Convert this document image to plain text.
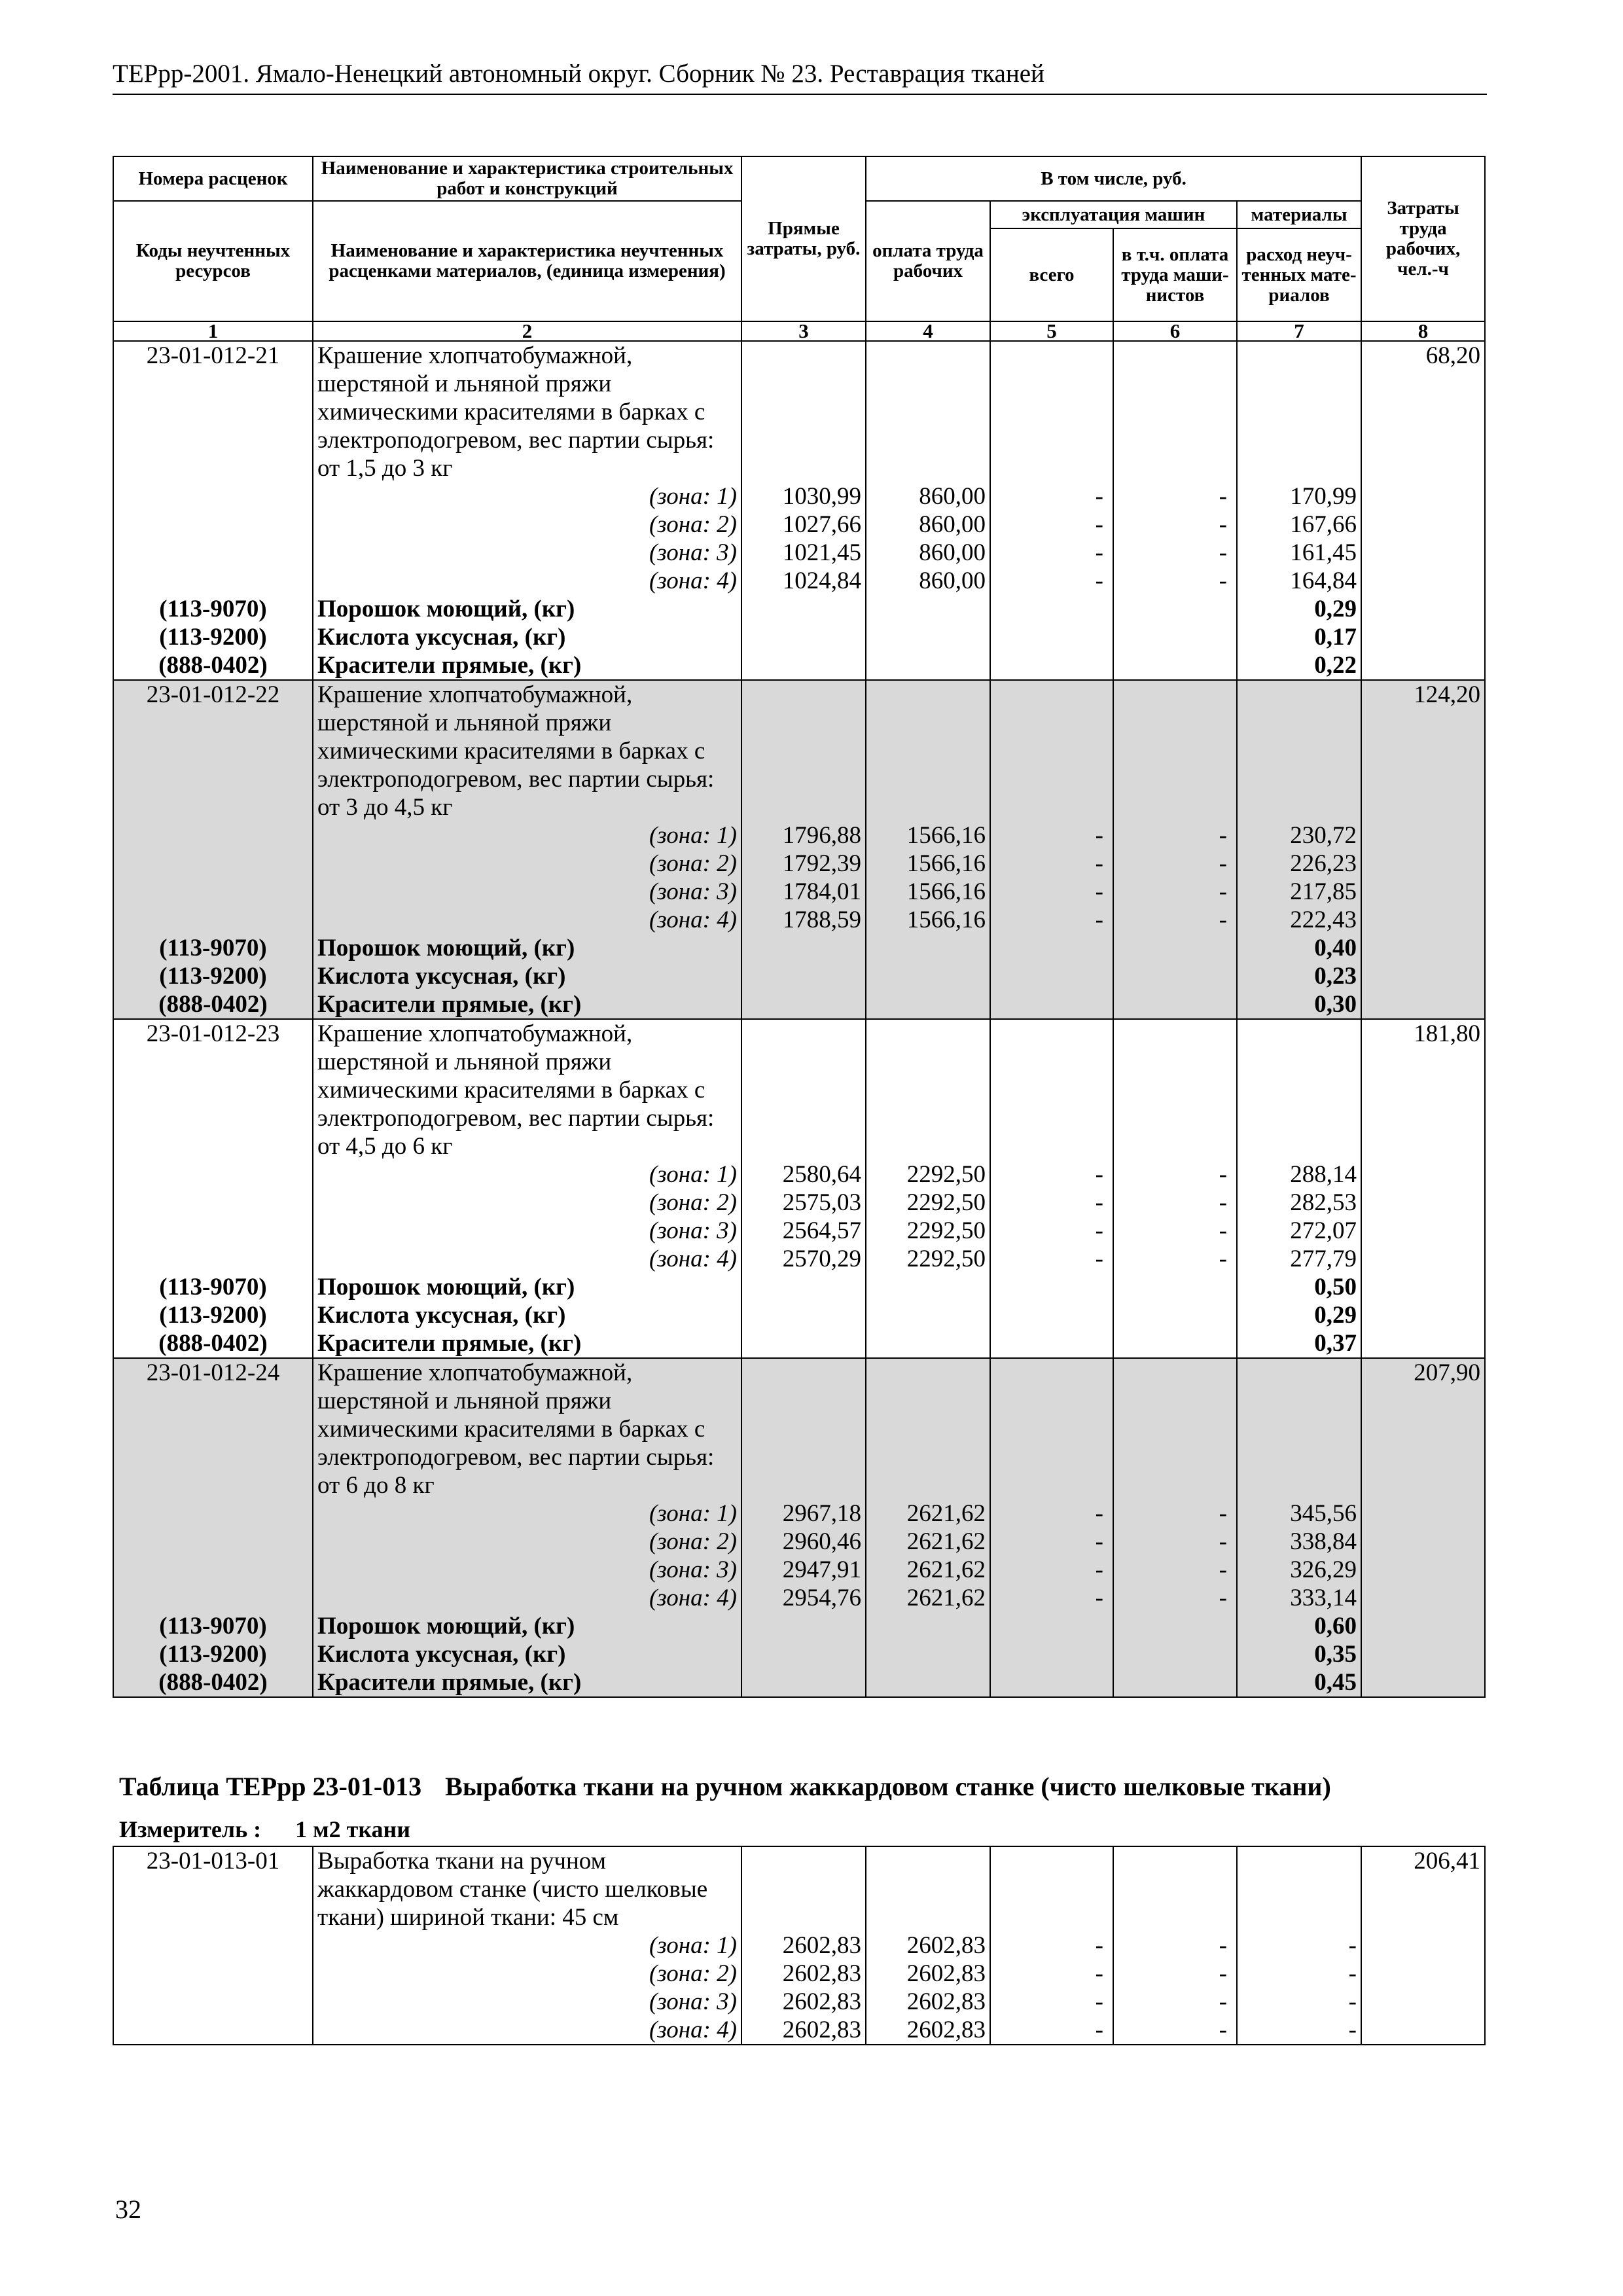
ТЕРрр-2001. Ямало-Ненецкий автономный округ. Сборник № 23. Реставрация тканей
Номера расценок	Наименование и характеристика строительных работ и конструкций	Прямые затраты, руб.	В том числе, руб.				Затраты труда рабочих, чел.-ч
Коды неучтенных ресурсов	Наименование и характеристика неучтенных расценками материалов, (единица измерения)		оплата труда рабочих	эксплуатация машин		материалы	
				всего	в т.ч. оплата труда маши-нистов	расход неуч-тенных мате-риалов	

1	2	3	4	5	6	7	8
23-01-012-21	Крашение хлопчатобумажной,						68,20
	шерстяной и льняной пряжи						
	химическими красителями в барках с						
	электроподогревом, вес партии сырья:						
	от 1,5 до 3 кг						
	(зона: 1)	1030,99	860,00	-	-	170,99	
	(зона: 2)	1027,66	860,00	-	-	167,66	
	(зона: 3)	1021,45	860,00	-	-	161,45	
	(зона: 4)	1024,84	860,00	-	-	164,84	
(113-9070)	Порошок моющий, (кг)					0,29	
(113-9200)	Кислота уксусная, (кг)					0,17	
(888-0402)	Красители прямые, (кг)					0,22	
23-01-012-22	Крашение хлопчатобумажной,						124,20
	шерстяной и льняной пряжи						
	химическими красителями в барках с						
	электроподогревом, вес партии сырья:						
	от 3 до 4,5 кг						
	(зона: 1)	1796,88	1566,16	-	-	230,72	
	(зона: 2)	1792,39	1566,16	-	-	226,23	
	(зона: 3)	1784,01	1566,16	-	-	217,85	
	(зона: 4)	1788,59	1566,16	-	-	222,43	
(113-9070)	Порошок моющий, (кг)					0,40	
(113-9200)	Кислота уксусная, (кг)					0,23	
(888-0402)	Красители прямые, (кг)					0,30	
23-01-012-23	Крашение хлопчатобумажной,						181,80
	шерстяной и льняной пряжи						
	химическими красителями в барках с						
	электроподогревом, вес партии сырья:						
	от 4,5 до 6 кг						
	(зона: 1)	2580,64	2292,50	-	-	288,14	
	(зона: 2)	2575,03	2292,50	-	-	282,53	
	(зона: 3)	2564,57	2292,50	-	-	272,07	
	(зона: 4)	2570,29	2292,50	-	-	277,79	
(113-9070)	Порошок моющий, (кг)					0,50	
(113-9200)	Кислота уксусная, (кг)					0,29	
(888-0402)	Красители прямые, (кг)					0,37	
23-01-012-24	Крашение хлопчатобумажной,						207,90
	шерстяной и льняной пряжи						
	химическими красителями в барках с						
	электроподогревом, вес партии сырья:						
	от 6 до 8 кг						
	(зона: 1)	2967,18	2621,62	-	-	345,56	
	(зона: 2)	2960,46	2621,62	-	-	338,84	
	(зона: 3)	2947,91	2621,62	-	-	326,29	
	(зона: 4)	2954,76	2621,62	-	-	333,14	
(113-9070)	Порошок моющий, (кг)					0,60	
(113-9200)	Кислота уксусная, (кг)					0,35	
(888-0402)	Красители прямые, (кг)					0,45	
Таблица ТЕРрр 23-01-013 Выработка ткани на ручном жаккардовом станке (чисто шелковые ткани)
Измеритель : 1 м2 ткани
23-01-013-01	Выработка ткани на ручном						206,41
	жаккардовом станке (чисто шелковые						
	ткани) шириной ткани: 45 см						
	(зона: 1)	2602,83	2602,83	-	-	-	
	(зона: 2)	2602,83	2602,83	-	-	-	
	(зона: 3)	2602,83	2602,83	-	-	-	
	(зона: 4)	2602,83	2602,83	-	-	-	
32
